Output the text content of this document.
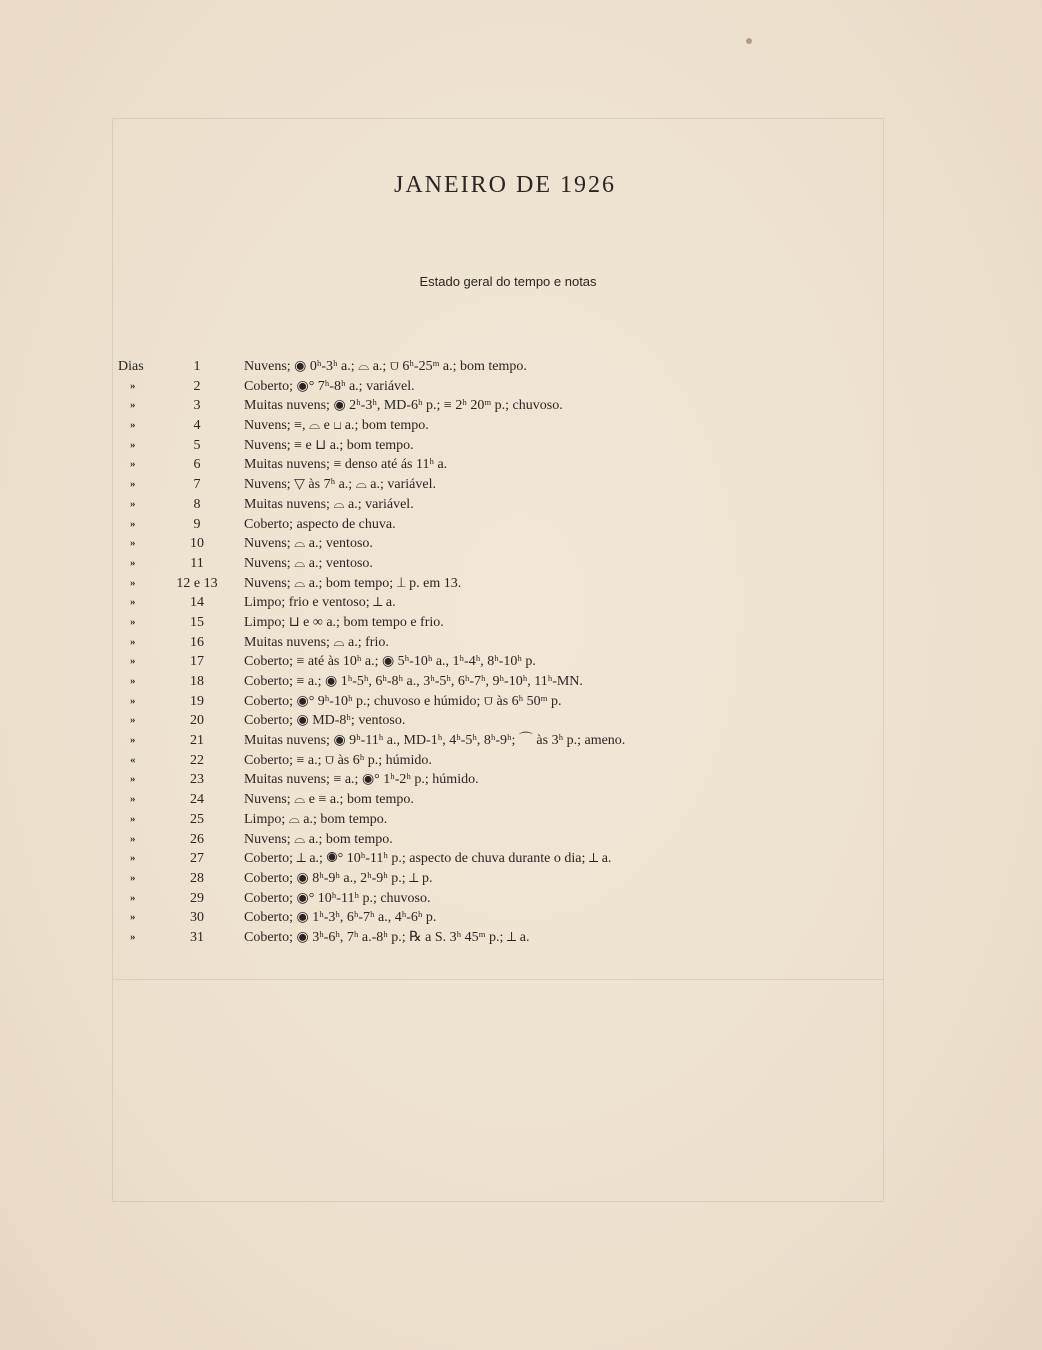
JANEIRO DE 1926
Estado geral do tempo e notas
Dias	1	Nuvens; ◉ 0ʰ-3ʰ a.; ⌓ a.; ⩌ 6ʰ-25ᵐ a.; bom tempo.
»	2	Coberto; ◉° 7ʰ-8ʰ a.; variável.
»	3	Muitas nuvens; ◉ 2ʰ-3ʰ, MD-6ʰ p.; ≡ 2ʰ 20ᵐ p.; chuvoso.
»	4	Nuvens; ≡, ⌓ e ⊔ a.; bom tempo.
»	5	Nuvens; ≡ e ⊔ a.; bom tempo.
»	6	Muitas nuvens; ≡ denso até ás 11ʰ a.
»	7	Nuvens; ▽ às 7ʰ a.; ⌓ a.; variável.
»	8	Muitas nuvens; ⌓ a.; variável.
»	9	Coberto; aspecto de chuva.
»	10	Nuvens; ⌓ a.; ventoso.
»	11	Nuvens; ⌓ a.; ventoso.
»	12 e 13	Nuvens; ⌓ a.; bom tempo; ⟂ p. em 13.
»	14	Limpo; frio e ventoso; ⟂ a.
»	15	Limpo; ⊔ e ∞ a.; bom tempo e frio.
»	16	Muitas nuvens; ⌓ a.; frio.
»	17	Coberto; ≡ até às 10ʰ a.; ◉ 5ʰ-10ʰ a., 1ʰ-4ʰ, 8ʰ-10ʰ p.
»	18	Coberto; ≡ a.; ◉ 1ʰ-5ʰ, 6ʰ-8ʰ a., 3ʰ-5ʰ, 6ʰ-7ʰ, 9ʰ-10ʰ, 11ʰ-MN.
»	19	Coberto; ◉° 9ʰ-10ʰ p.; chuvoso e húmido; ⩌ às 6ʰ 50ᵐ p.
»	20	Coberto; ◉ MD-8ʰ; ventoso.
»	21	Muitas nuvens; ◉ 9ʰ-11ʰ a., MD-1ʰ, 4ʰ-5ʰ, 8ʰ-9ʰ; ⌒ às 3ʰ p.; ameno.
«	22	Coberto; ≡ a.; ⩌ às 6ʰ p.; húmido.
»	23	Muitas nuvens; ≡ a.; ◉° 1ʰ-2ʰ p.; húmido.
»	24	Nuvens; ⌓ e ≡ a.; bom tempo.
»	25	Limpo; ⌓ a.; bom tempo.
»	26	Nuvens; ⌓ a.; bom tempo.
»	27	Coberto; ⟂ a.; ◉° 10ʰ-11ʰ p.; aspecto de chuva durante o dia; ⟂ a.
»	28	Coberto; ◉ 8ʰ-9ʰ a., 2ʰ-9ʰ p.; ⟂ p.
»	29	Coberto; ◉° 10ʰ-11ʰ p.; chuvoso.
»	30	Coberto; ◉ 1ʰ-3ʰ, 6ʰ-7ʰ a., 4ʰ-6ʰ p.
»	31	Coberto; ◉ 3ʰ-6ʰ, 7ʰ a.-8ʰ p.; ℞ a S. 3ʰ 45ᵐ p.; ⟂ a.
